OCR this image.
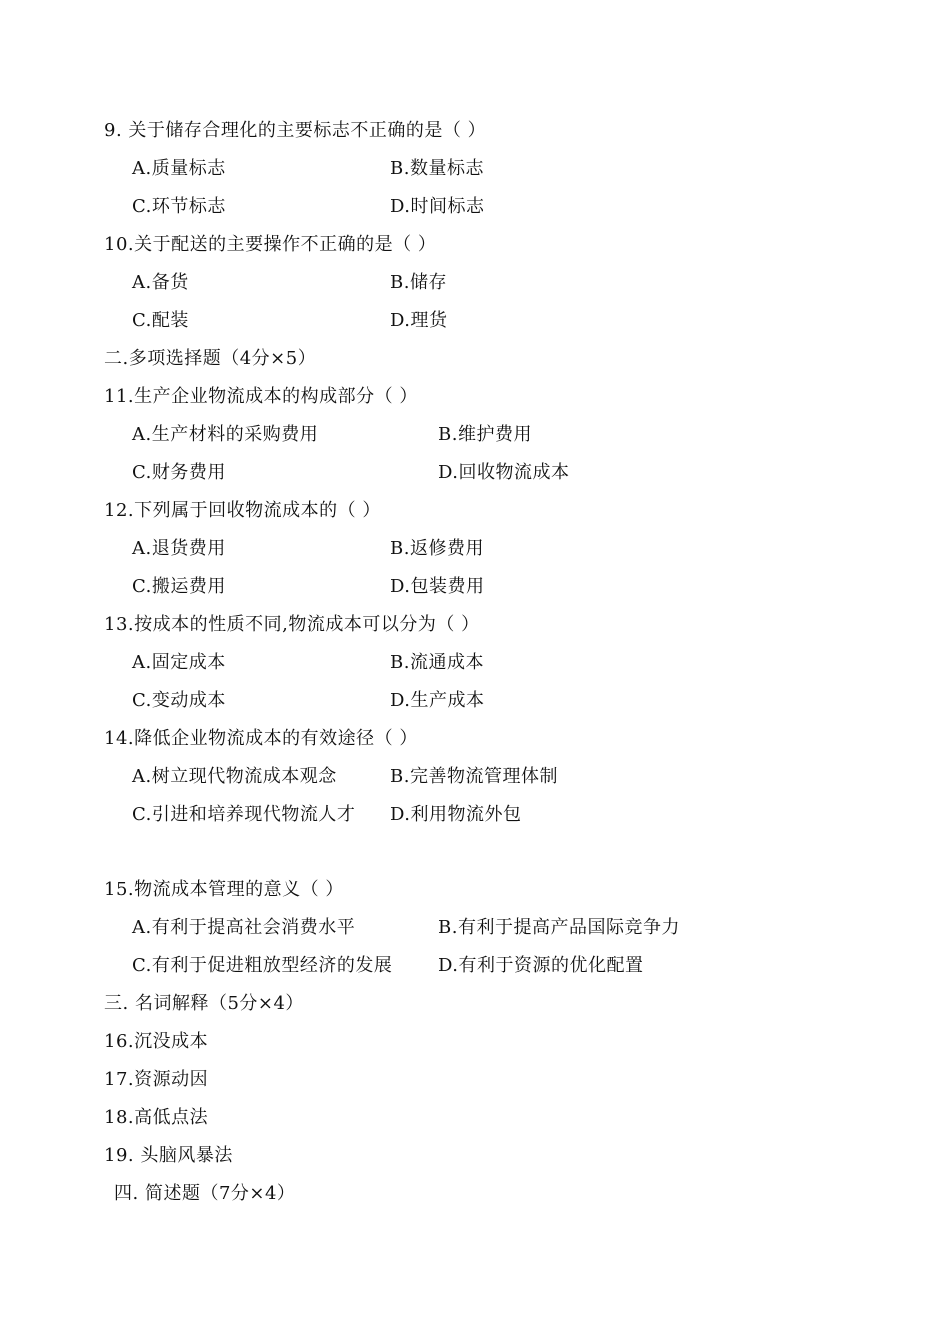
9. 关于储存合理化的主要标志不正确的是（ ）
A.质量标志	B.数量标志
C.环节标志	D.时间标志
10.关于配送的主要操作不正确的是（ ）
A.备货	B.储存
C.配装	D.理货
二.多项选择题（4分×5）
11.生产企业物流成本的构成部分（ ）
A.生产材料的采购费用	B.维护费用
C.财务费用	D.回收物流成本
12.下列属于回收物流成本的（ ）
A.退货费用	B.返修费用
C.搬运费用	D.包装费用
13.按成本的性质不同,物流成本可以分为（ ）
A.固定成本	B.流通成本
C.变动成本	D.生产成本
14.降低企业物流成本的有效途径（ ）
A.树立现代物流成本观念	B.完善物流管理体制
C.引进和培养现代物流人才 D.利用物流外包
15.物流成本管理的意义（ ）
A.有利于提高社会消费水平	B.有利于提高产品国际竞争力
C.有利于促进粗放型经济的发展	D.有利于资源的优化配置
三. 名词解释（5分×4）
16.沉没成本
17.资源动因
18.高低点法
19. 头脑风暴法
四. 简述题（7分×4）
